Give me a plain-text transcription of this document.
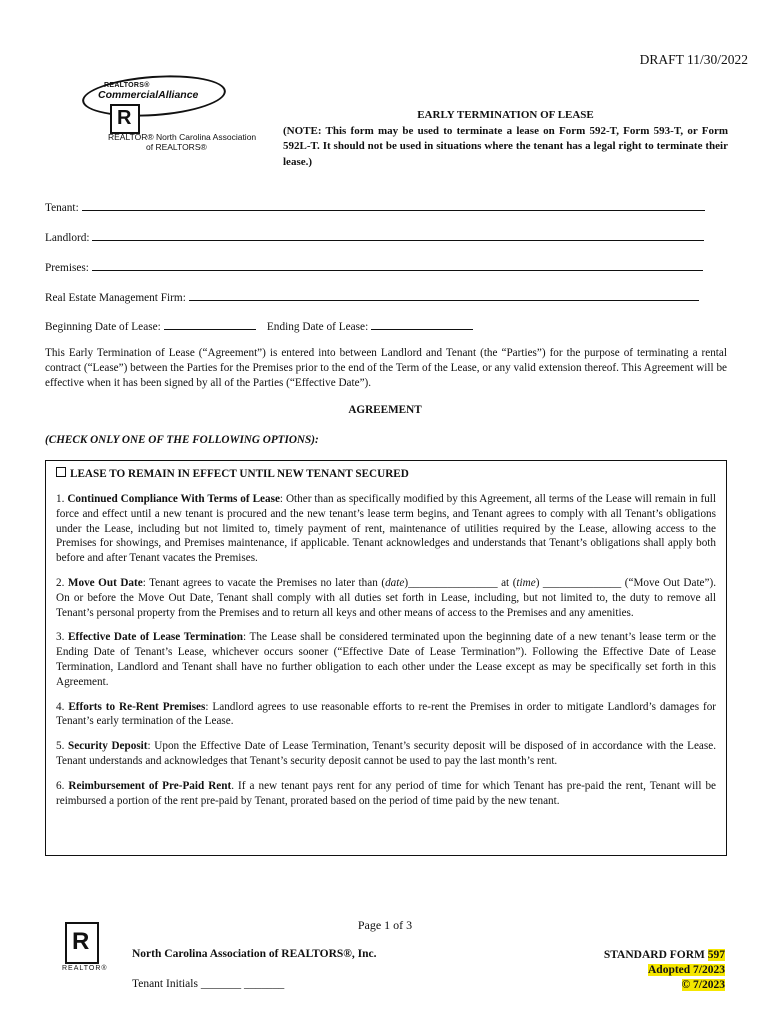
DRAFT 11/30/2022
REALTORS®
CommercialAlliance
R
REALTOR® North Carolina Association
of REALTORS®
EARLY TERMINATION OF LEASE

(NOTE: This form may be used to terminate a lease on Form 592-T, Form 593-T, or Form 592L-T. It should not be used in situations where the tenant has a legal right to terminate their lease.)

Tenant:
Landlord:
Premises:
Real Estate Management Firm:
Beginning Date of Lease:	Ending Date of Lease:

This Early Termination of Lease (“Agreement”) is entered into between Landlord and Tenant (the “Parties”) for the purpose of terminating a rental contract (“Lease”) between the Parties for the Premises prior to the end of the Term of the Lease, or any valid extension thereof. This Agreement will be effective when it has been signed by all of the Parties (“Effective Date”).

AGREEMENT
(CHECK ONLY ONE OF THE FOLLOWING OPTIONS):
LEASE TO REMAIN IN EFFECT UNTIL NEW TENANT SECURED

1. Continued Compliance With Terms of Lease: Other than as specifically modified by this Agreement, all terms of the Lease will remain in full force and effect until a new tenant is procured and the new tenant’s lease term begins, and Tenant agrees to comply with all Tenant’s obligations under the Lease, including but not limited to, timely payment of rent, maintenance of utilities required by the Lease, allowing access to the Premises for showings, and Premises maintenance, if applicable. Tenant acknowledges and understands that Tenant’s obligations shall apply both before and after Tenant vacates the Premises.

2. Move Out Date: Tenant agrees to vacate the Premises no later than (date)________________ at (time) ______________ (“Move Out Date”). On or before the Move Out Date, Tenant shall comply with all duties set forth in Lease, including, but not limited to, the duty to remove all Tenant’s personal property from the Premises and to return all keys and other means of access to the Premises and any amenities.

3. Effective Date of Lease Termination: The Lease shall be considered terminated upon the beginning date of a new tenant’s lease term or the Ending Date of Tenant’s Lease, whichever occurs sooner (“Effective Date of Lease Termination”). Following the Effective Date of Lease Termination, Landlord and Tenant shall have no further obligation to each other under the Lease except as may be specifically set forth in this Agreement.

4. Efforts to Re-Rent Premises: Landlord agrees to use reasonable efforts to re-rent the Premises in order to mitigate Landlord’s damages for Tenant’s early termination of the Lease.

5. Security Deposit: Upon the Effective Date of Lease Termination, Tenant’s security deposit will be disposed of in accordance with the Lease. Tenant understands and acknowledges that Tenant’s security deposit cannot be used to pay the last month’s rent.

6. Reimbursement of Pre-Paid Rent. If a new tenant pays rent for any period of time for which Tenant has pre-paid the rent, Tenant will be reimbursed a portion of the rent pre-paid by Tenant, prorated based on the period of time paid by the new tenant.

Page 1 of 3
R
REALTOR®
North Carolina Association of REALTORS®, Inc.
Tenant Initials _______ _______
STANDARD FORM 597
Adopted 7/2023
© 7/2023
